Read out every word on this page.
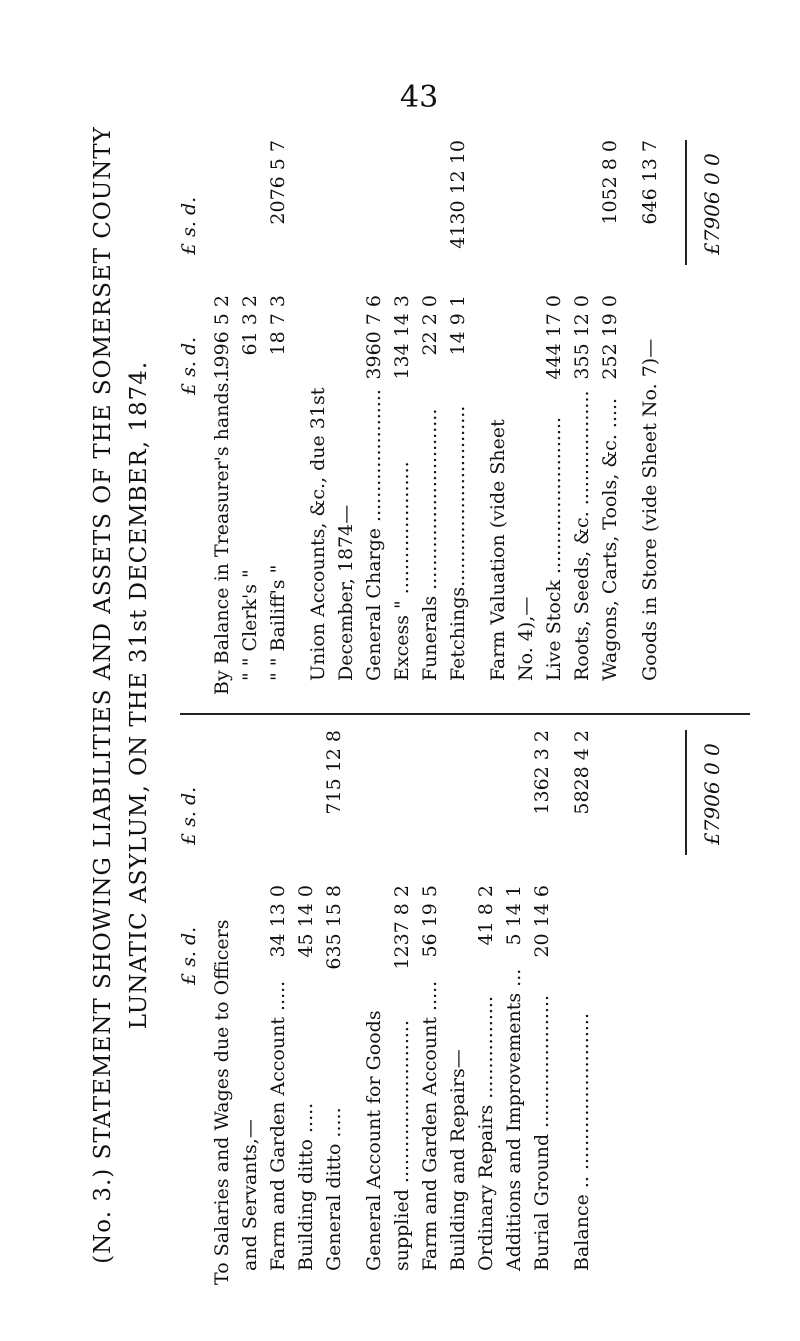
43
(No. 3.) STATEMENT SHOWING LIABILITIES AND ASSETS OF THE SOMERSET COUNTY LUNATIC ASYLUM, ON THE 31st DECEMBER, 1874. £ s. d.
£ s. d.
To Salaries and Wages due to Officers and Servants,— Farm and Garden Account .....
34 13 0
Building ditto .....
45 14 0
General ditto .....
635 15 8
715 12 8
General Account for Goods supplied ...........................
1237 8 2
Farm and Garden Account .....
56 19 5
Building and Repairs— Ordinary Repairs .................
41 8 2
Additions and Improvements ...
5 14 1
Burial Ground ......................
20 14 6
1362 3 2
Balance .. ..........................
5828 4 2	£7906 0 0
£ s. d.
£ s. d.
By Balance in Treasurer's hands...
1996 5 2
" " Clerk's "
61 3 2
" " Bailiff's "
18 7 3
2076 5 7
Union Accounts, &c., due 31st December, 1874— General Charge ......................
3960 7 6
Excess " ......................
134 14 3
Funerals ..............................
22 2 0
Fetchings..............................
14 9 1
4130 12 10
Farm Valuation (vide Sheet No. 4),— Live Stock ..........................
444 17 0
Roots, Seeds, &c. ...................
355 12 0
Wagons, Carts, Tools, &c. .....
252 19 0
1052 8 0
Goods in Store (vide Sheet No. 7)—
646 13 7 £7906 0 0
